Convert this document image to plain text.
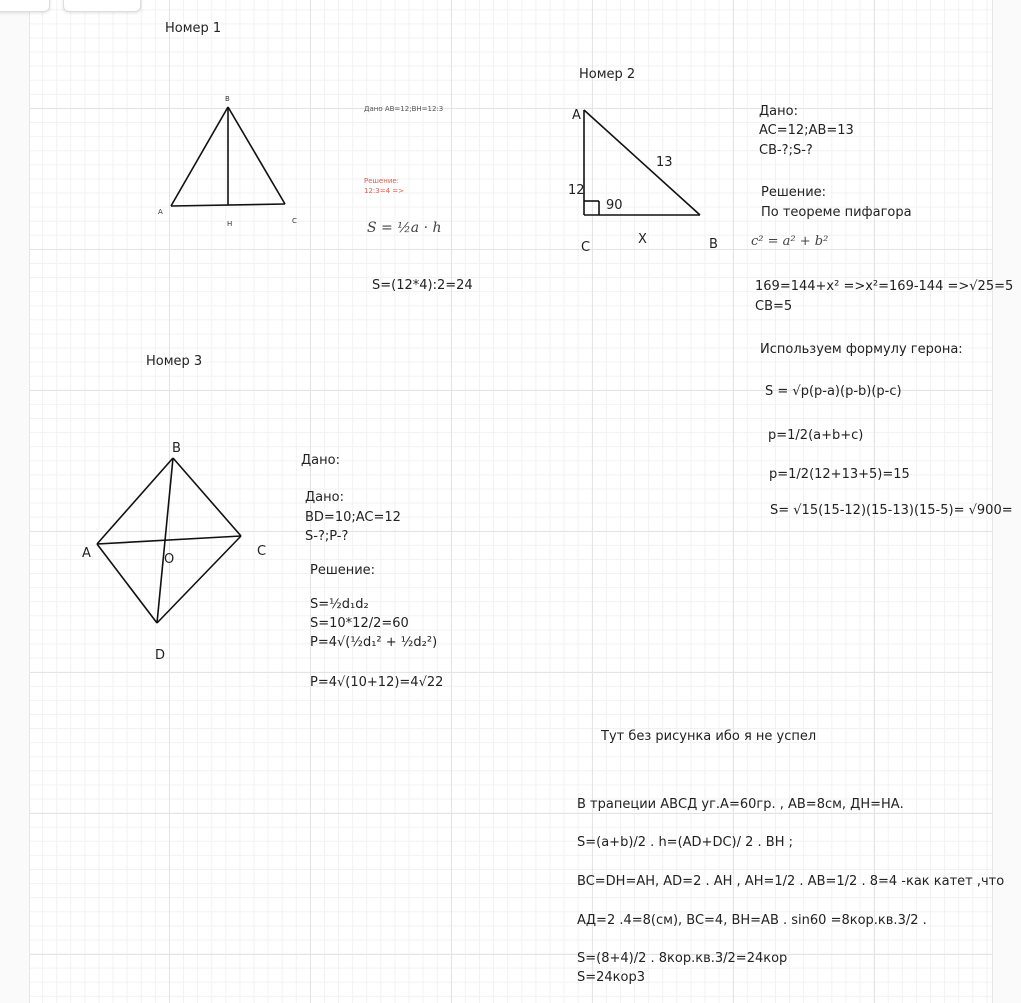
Номер 1
B
A
H	C
Дано AB=12;BH=12:3
Решение:
12:3=4 =>
S = ½a · h
S=(12*4):2=24
Номер 2
A
12
13
90
C
X	B
Дано:
AC=12;AB=13
CB-?;S-?
Решение:
По теореме пифагора
c² = a² + b²
169=144+x² =>x²=169-144 =>√25=5
CB=5
Используем формулу герона:
S = √p(p-a)(p-b)(p-c)
p=1/2(a+b+c)
p=1/2(12+13+5)=15
S= √15(15-12)(15-13)(15-5)= √900=
Номер 3
B
A	O
C
D
Дано:
Дано:
BD=10;AC=12
S-?;P-?
Решение:
S=½d₁d₂
S=10*12/2=60
P=4√(½d₁² + ½d₂²)
P=4√(10+12)=4√22
Тут без рисунка ибо я не успел
В трапеции АВСД уг.А=60гр. , АВ=8см, ДН=НА.
S=(a+b)/2 . h=(AD+DC)/ 2 . BH ;
BC=DH=AH, AD=2 . AH , AH=1/2 . AB=1/2 . 8=4 -как катет ,что
АД=2 .4=8(см), BC=4, BH=AB . sin60 =8кор.кв.3/2 .
S=(8+4)/2 . 8кор.кв.3/2=24кор
S=24кор3
